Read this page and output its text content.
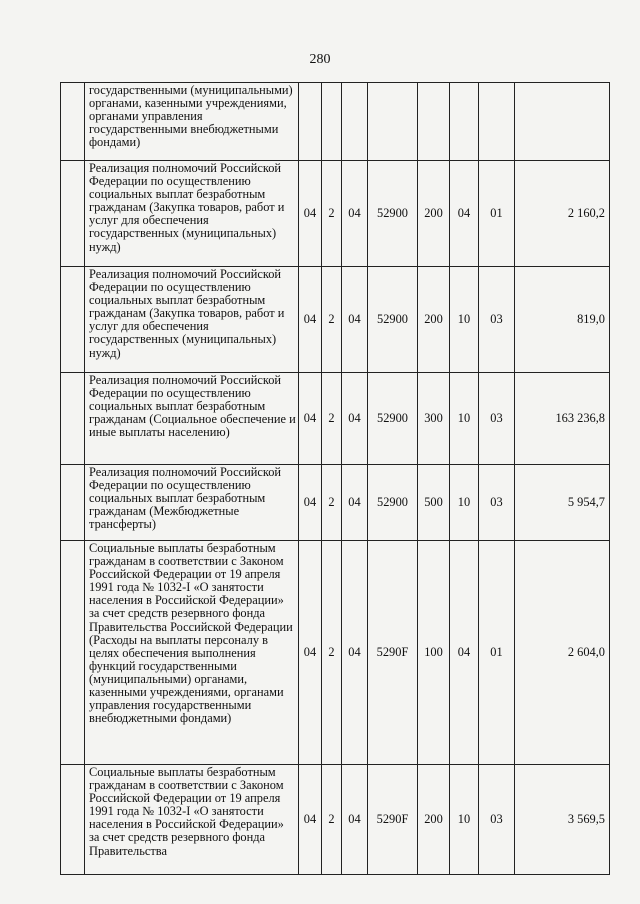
280
	государственными (муниципальными) органами, казенными учреждениями, органами управления государственными внебюджетными фондами)								
	Реализация полномочий Российской Федерации по осуществлению социальных выплат безработным гражданам (Закупка товаров, работ и услуг для обеспечения государственных (муниципальных) нужд)	04	2	04	52900	200	04	01	2 160,2
	Реализация полномочий Российской Федерации по осуществлению социальных выплат безработным гражданам (Закупка товаров, работ и услуг для обеспечения государственных (муниципальных) нужд)	04	2	04	52900	200	10	03	819,0
	Реализация полномочий Российской Федерации по осуществлению социальных выплат безработным гражданам (Социальное обеспечение и иные выплаты населению)	04	2	04	52900	300	10	03	163 236,8
	Реализация полномочий Российской Федерации по осуществлению социальных выплат безработным гражданам (Межбюджетные трансферты)	04	2	04	52900	500	10	03	5 954,7
	Социальные выплаты безработным гражданам в соответствии с Законом Российской Федерации от 19 апреля 1991 года № 1032-I «О занятости населения в Российской Федерации» за счет средств резервного фонда Правительства Российской Федерации (Расходы на выплаты персоналу в целях обеспечения выполнения функций государственными (муниципальными) органами, казенными учреждениями, органами управления государственными внебюджетными фондами)	04	2	04	5290F	100	04	01	2 604,0
	Социальные выплаты безработным гражданам в соответствии с Законом Российской Федерации от 19 апреля 1991 года № 1032-I «О занятости населения в Российской Федерации» за счет средств резервного фонда Правительства	04	2	04	5290F	200	10	03	3 569,5
